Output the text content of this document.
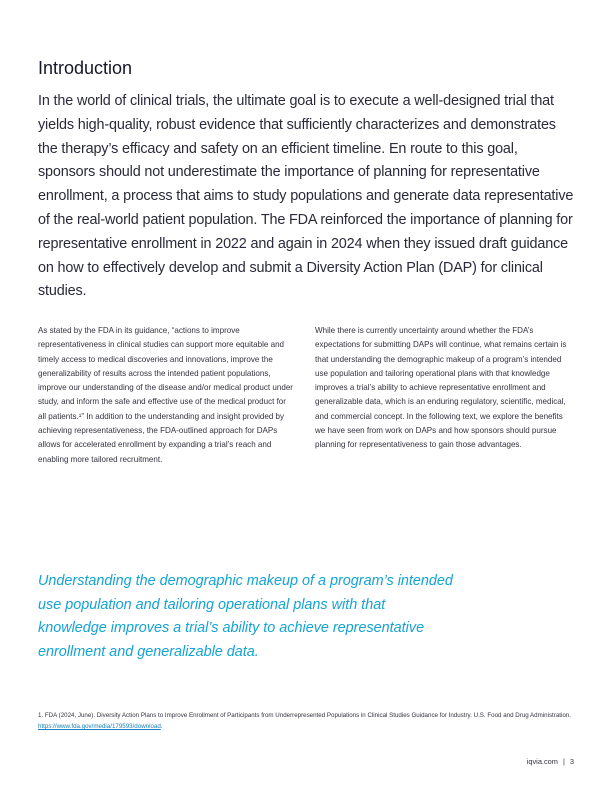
Introduction

In the world of clinical trials, the ultimate goal is to execute a well-designed trial that yields high-quality, robust evidence that sufficiently characterizes and demonstrates the therapy’s efficacy and safety on an efficient timeline. En route to this goal, sponsors should not underestimate the importance of planning for representative enrollment, a process that aims to study populations and generate data representative of the real-world patient population. The FDA reinforced the importance of planning for representative enrollment in 2022 and again in 2024 when they issued draft guidance on how to effectively develop and submit a Diversity Action Plan (DAP) for clinical studies.

As stated by the FDA in its guidance, “actions to improve representativeness in clinical studies can support more equitable and timely access to medical discoveries and innovations, improve the generalizability of results across the intended patient populations, improve our understanding of the disease and/or medical product under study, and inform the safe and effective use of the medical product for all patients.¹” In addition to the understanding and insight provided by achieving representativeness, the FDA-outlined approach for DAPs allows for accelerated enrollment by expanding a trial’s reach and enabling more tailored recruitment.

While there is currently uncertainty around whether the FDA’s expectations for submitting DAPs will continue, what remains certain is that understanding the demographic makeup of a program’s intended use population and tailoring operational plans with that knowledge improves a trial’s ability to achieve representative enrollment and generalizable data, which is an enduring regulatory, scientific, medical, and commercial concept. In the following text, we explore the benefits we have seen from work on DAPs and how sponsors should pursue planning for representativeness to gain those advantages.

Understanding the demographic makeup of a program’s intended use population and tailoring operational plans with that knowledge improves a trial’s ability to achieve representative enrollment and generalizable data.

1. FDA (2024, June). Diversity Action Plans to Improve Enrollment of Participants from Underrepresented Populations in Clinical Studies Guidance for Industry. U.S. Food and Drug Administration. https://www.fda.gov/media/179593/download.

iqvia.com | 3
